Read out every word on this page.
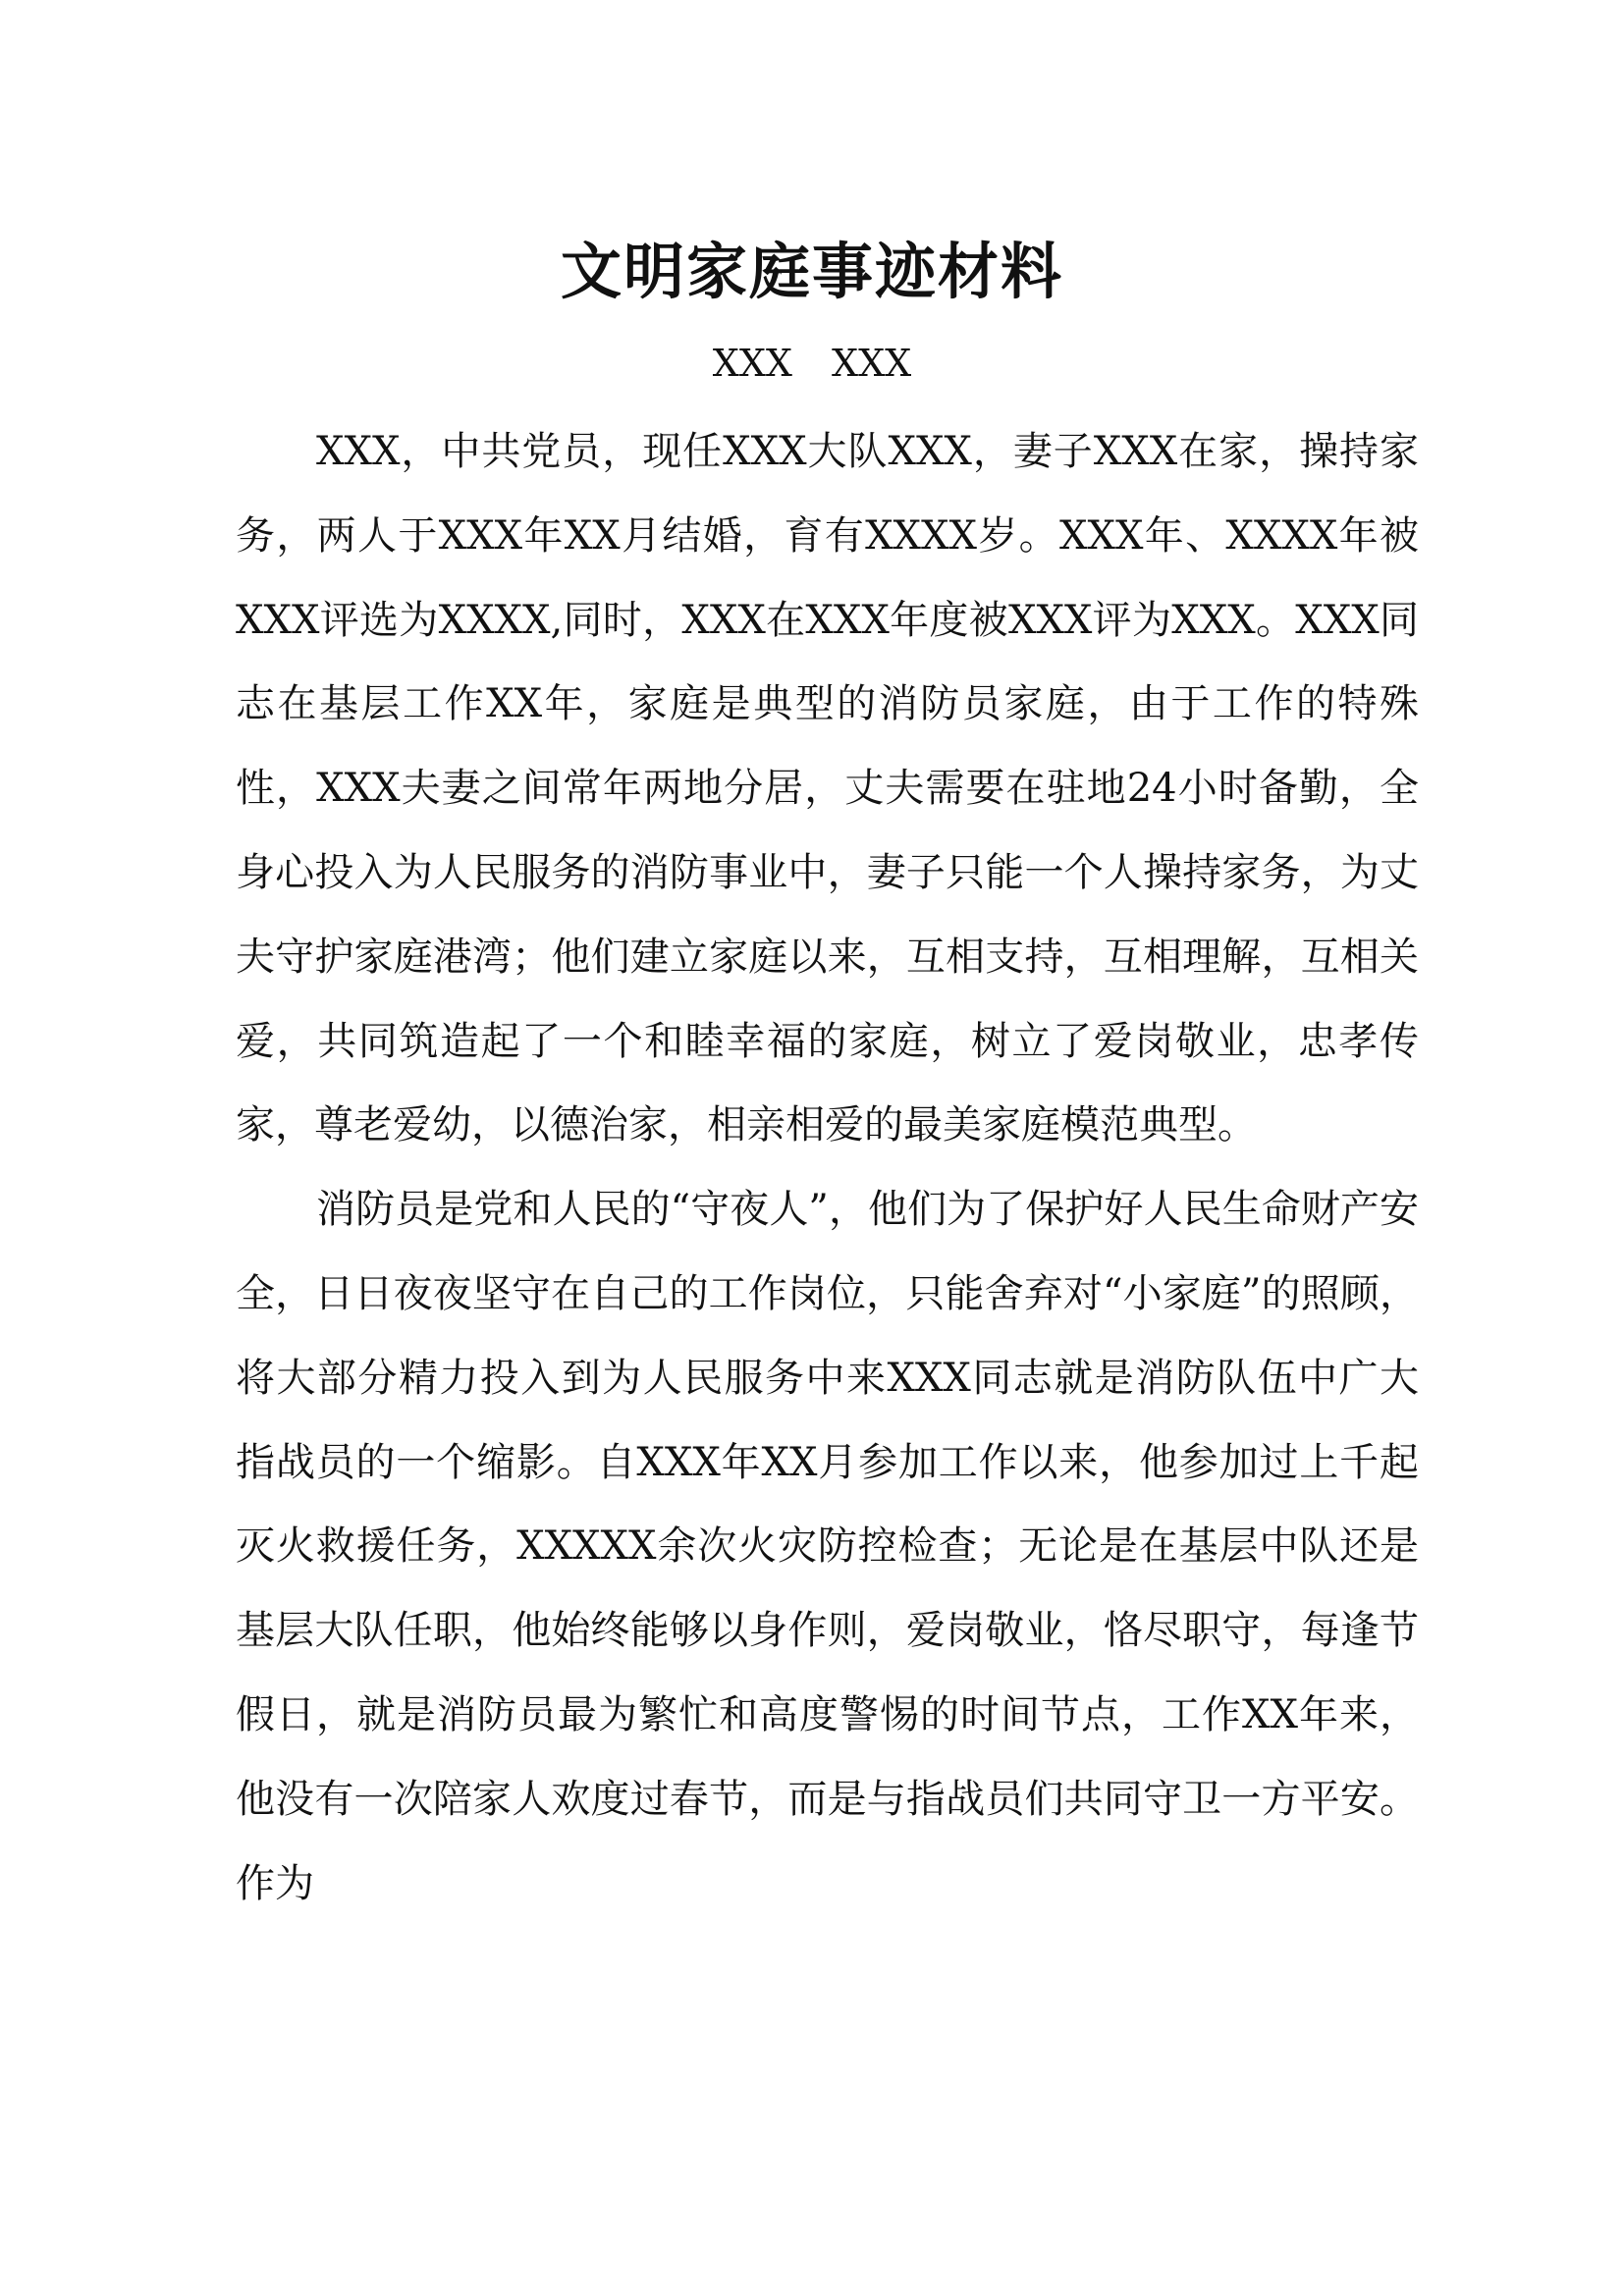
文明家庭事迹材料
XXX XXX

XXX，中共党员，现任XXX大队XXX，妻子XXX在家，操持家务，两人于XXX年XX月结婚，育有XXXX岁。XXX年、XXXX年被XXX评选为XXXX,同时，XXX在XXX年度被XXX评为XXX。XXX同志在基层工作XX年，家庭是典型的消防员家庭，由于工作的特殊性，XXX夫妻之间常年两地分居，丈夫需要在驻地24小时备勤，全身心投入为人民服务的消防事业中，妻子只能一个人操持家务，为丈夫守护家庭港湾；他们建立家庭以来，互相支持，互相理解，互相关爱，共同筑造起了一个和睦幸福的家庭，树立了爱岗敬业，忠孝传家，尊老爱幼，以德治家，相亲相爱的最美家庭模范典型。

消防员是党和人民的“守夜人”，他们为了保护好人民生命财产安全，日日夜夜坚守在自己的工作岗位，只能舍弃对“小家庭”的照顾，将大部分精力投入到为人民服务中来XXX同志就是消防队伍中广大指战员的一个缩影。自XXX年XX月参加工作以来，他参加过上千起灭火救援任务，XXXXX余次火灾防控检查；无论是在基层中队还是基层大队任职，他始终能够以身作则，爱岗敬业，恪尽职守，每逢节假日，就是消防员最为繁忙和高度警惕的时间节点，工作XX年来，他没有一次陪家人欢度过春节，而是与指战员们共同守卫一方平安。作为
